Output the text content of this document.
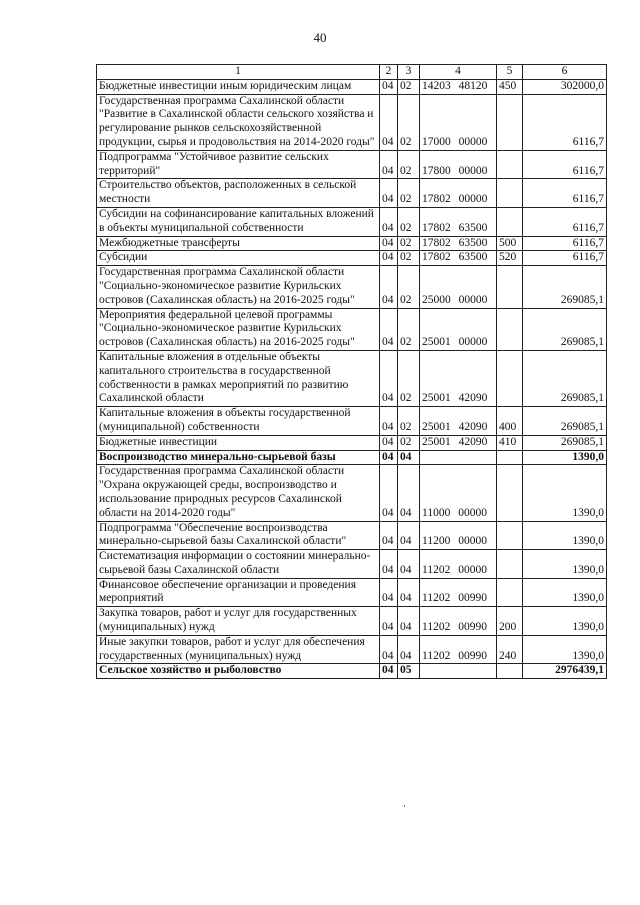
40
1	2	3	4	5	6
Бюджетные инвестиции иным юридическим лицам	04	02	14203 48120	450	302000,0
Государственная программа Сахалинской области "Развитие в Сахалинской области сельского хозяйства и регулирование рынков сельскохозяйственной продукции, сырья и продовольствия на 2014-2020 годы"	04	02	17000 00000		6116,7
Подпрограмма "Устойчивое развитие сельских территорий"	04	02	17800 00000		6116,7
Строительство объектов, расположенных в сельской местности	04	02	17802 00000		6116,7
Субсидии на софинансирование капитальных вложений в объекты муниципальной собственности	04	02	17802 63500		6116,7
Межбюджетные трансферты	04	02	17802 63500	500	6116,7
Субсидии	04	02	17802 63500	520	6116,7
Государственная программа Сахалинской области "Социально-экономическое развитие Курильских островов (Сахалинская область) на 2016-2025 годы"	04	02	25000 00000		269085,1
Мероприятия федеральной целевой программы "Социально-экономическое развитие Курильских островов (Сахалинская область) на 2016-2025 годы"	04	02	25001 00000		269085,1
Капитальные вложения в отдельные объекты капитального строительства в государственной собственности в рамках мероприятий по развитию Сахалинской области	04	02	25001 42090		269085,1
Капитальные вложения в объекты государственной (муниципальной) собственности	04	02	25001 42090	400	269085,1
Бюджетные инвестиции	04	02	25001 42090	410	269085,1
Воспроизводство минерально-сырьевой базы	04	04			1390,0
Государственная программа Сахалинской области "Охрана окружающей среды, воспроизводство и использование природных ресурсов Сахалинской области на 2014-2020 годы"	04	04	11000 00000		1390,0
Подпрограмма "Обеспечение воспроизводства минерально-сырьевой базы Сахалинской области"	04	04	11200 00000		1390,0
Систематизация информации о состоянии минерально-сырьевой базы Сахалинской области	04	04	11202 00000		1390,0
Финансовое обеспечение организации и проведения мероприятий	04	04	11202 00990		1390,0
Закупка товаров, работ и услуг для государственных (муниципальных) нужд	04	04	11202 00990	200	1390,0
Иные закупки товаров, работ и услуг для обеспечения государственных (муниципальных) нужд	04	04	11202 00990	240	1390,0
Сельское хозяйство и рыболовство	04	05			2976439,1
